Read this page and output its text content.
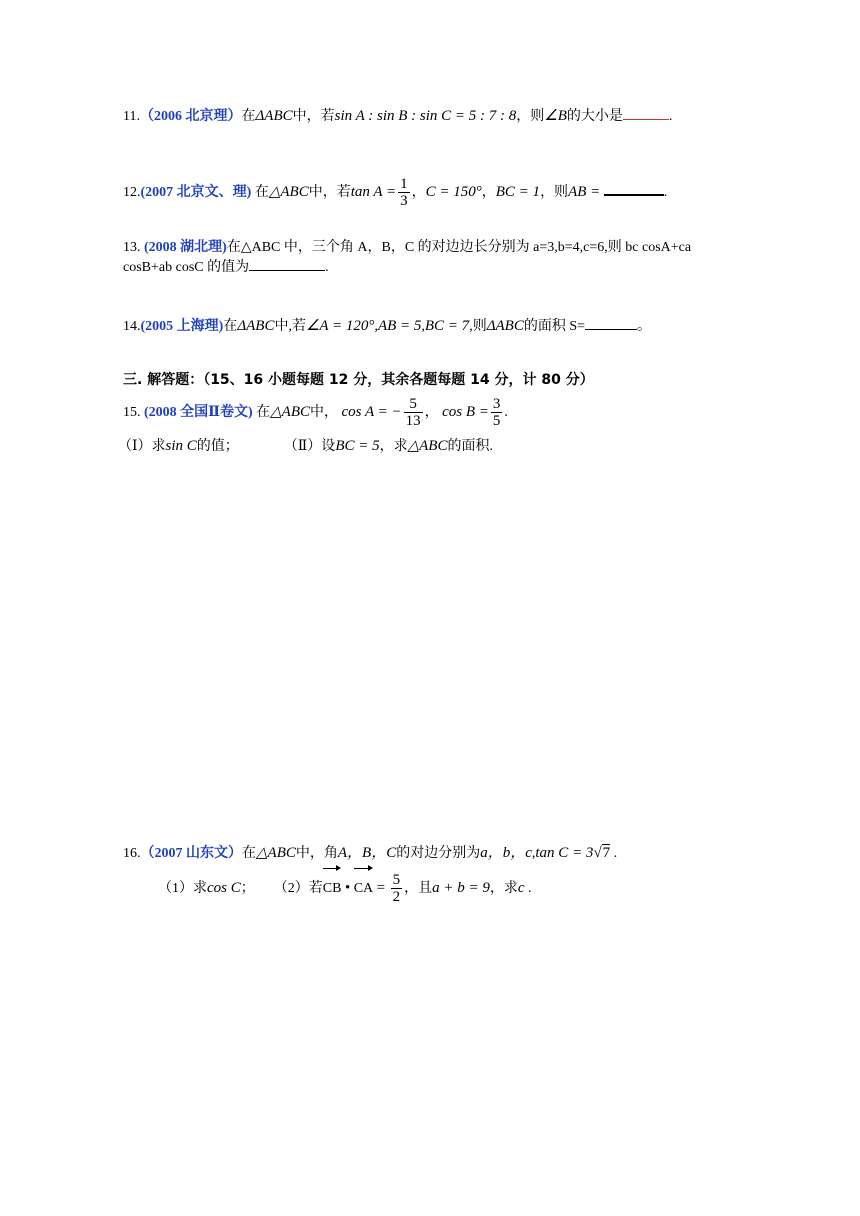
11.（2006 北京理）在ΔABC中，若sin A : sin B : sin C = 5 : 7 : 8，则∠B的大小是	.
12.(2007 北京文、理) 在△ABC中，若$\tan A = \frac{1}{3}$ ，C = 150°，BC = 1，则AB =	.
13. (2008 湖北理)在△ABC 中，三个角 A，B，C 的对边边长分别为 a=3,b=4,c=6,则 bc cosA+ca
cosB+ab cosC 的值为	.
14.(2005 上海理)在ΔABC中,若∠A = 120°,AB = 5,BC = 7,则ΔABC的面积 S=	。
三. 解答题：（15、16 小题每题 12 分，其余各题每题 14 分，计 80 分）
15. (2008 全国Ⅱ卷文) 在△ABC中， cos A = − $\frac{5}{13}$ ， $\cos B = \frac{3}{5}$ .
（Ⅰ）求sin C的值；	（Ⅱ）设BC = 5，求△ABC的面积.
16.（2007 山东文）在△ABC中，角A，B，C的对边分别为a，b，c,tan C = 3√7 .
（1）求cos C； （2）若CB • CA = $\frac{5}{2}$ ，且a + b = 9，求c .
